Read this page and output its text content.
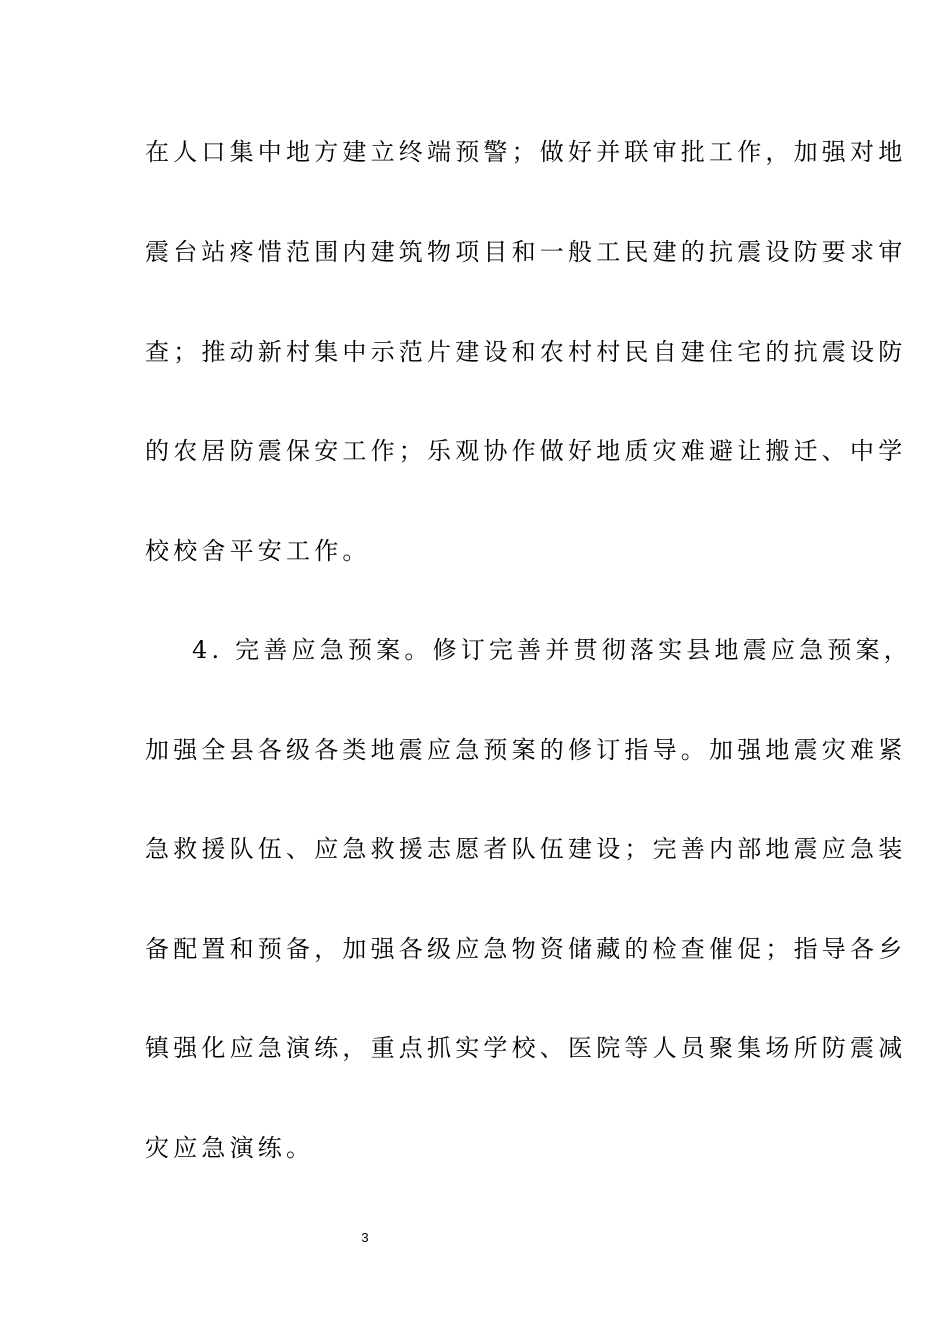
在人口集中地方建立终端预警；做好并联审批工作，加强对地
震台站疼惜范围内建筑物项目和一般工民建的抗震设防要求审
查；推动新村集中示范片建设和农村村民自建住宅的抗震设防
的农居防震保安工作；乐观协作做好地质灾难避让搬迁、中学
校校舍平安工作。
4. 完善应急预案。修订完善并贯彻落实县地震应急预案，
加强全县各级各类地震应急预案的修订指导。加强地震灾难紧
急救援队伍、应急救援志愿者队伍建设；完善内部地震应急装
备配置和预备，加强各级应急物资储藏的检查催促；指导各乡
镇强化应急演练，重点抓实学校、医院等人员聚集场所防震减
灾应急演练。
3
